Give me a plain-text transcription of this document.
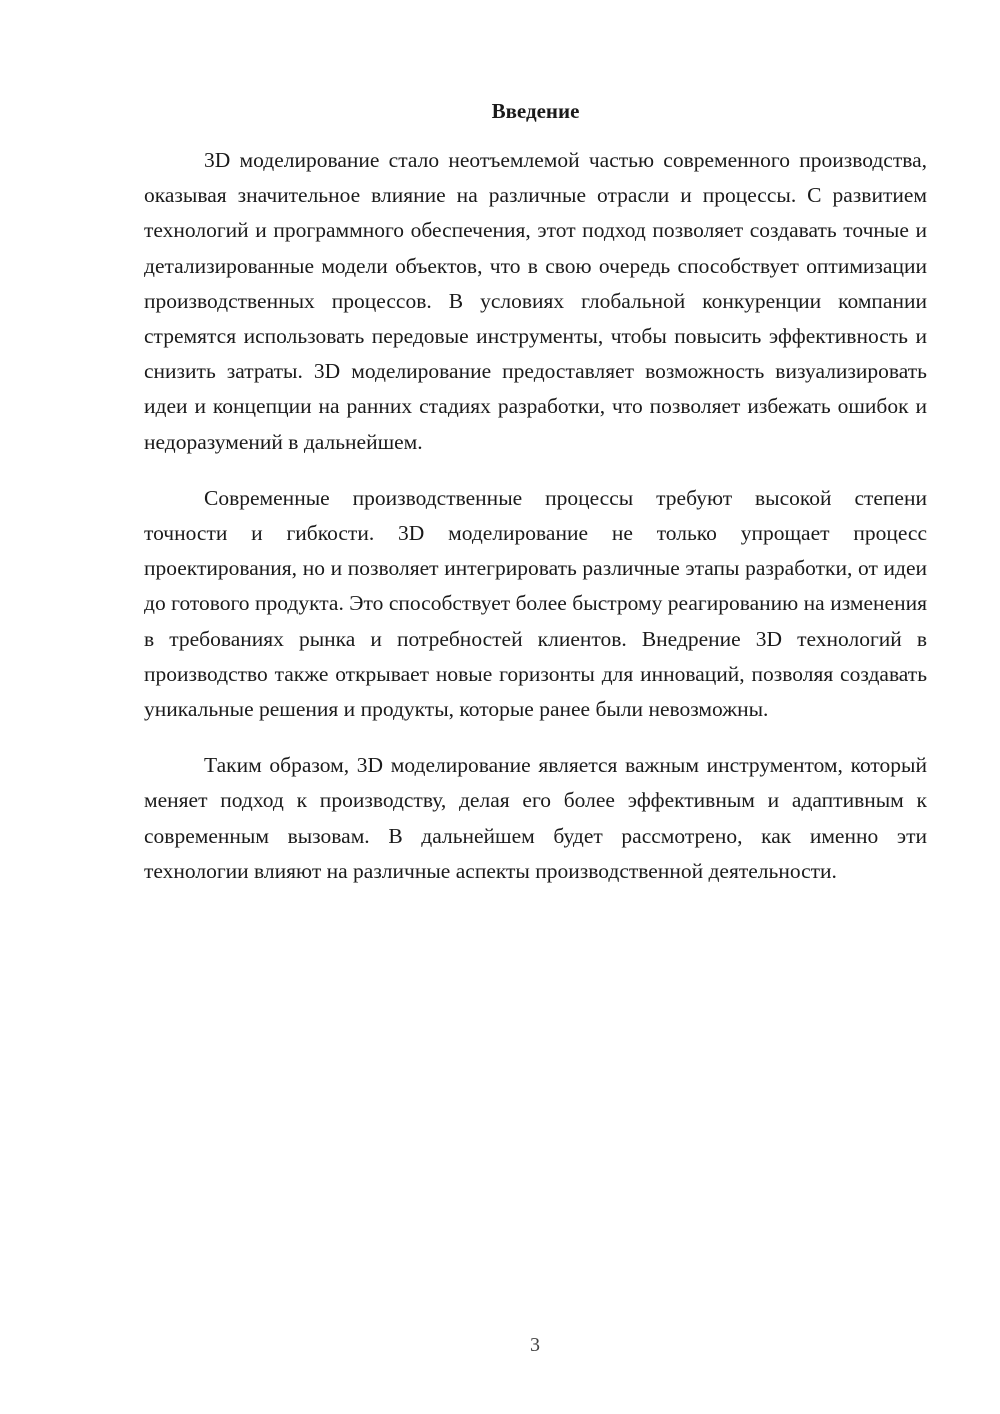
Введение

3D моделирование стало неотъемлемой частью современного производства, оказывая значительное влияние на различные отрасли и процессы. С развитием технологий и программного обеспечения, этот подход позволяет создавать точные и детализированные модели объектов, что в свою очередь способствует оптимизации производственных процессов. В условиях глобальной конкуренции компании стремятся использовать передовые инструменты, чтобы повысить эффективность и снизить затраты. 3D моделирование предоставляет возможность визуализировать идеи и концепции на ранних стадиях разработки, что позволяет избежать ошибок и недоразумений в дальнейшем.

Современные производственные процессы требуют высокой степени точности и гибкости. 3D моделирование не только упрощает процесс проектирования, но и позволяет интегрировать различные этапы разработки, от идеи до готового продукта. Это способствует более быстрому реагированию на изменения в требованиях рынка и потребностей клиентов. Внедрение 3D технологий в производство также открывает новые горизонты для инноваций, позволяя создавать уникальные решения и продукты, которые ранее были невозможны.

Таким образом, 3D моделирование является важным инструментом, который меняет подход к производству, делая его более эффективным и адаптивным к современным вызовам. В дальнейшем будет рассмотрено, как именно эти технологии влияют на различные аспекты производственной деятельности.

3
